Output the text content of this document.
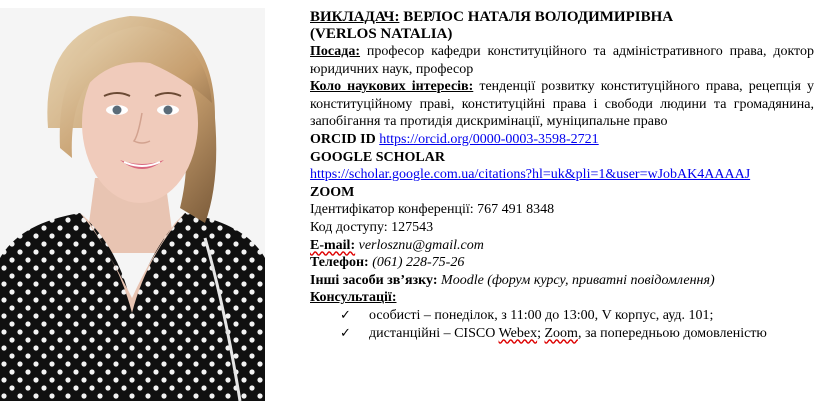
ВИКЛАДАЧ: ВЕРЛОС НАТАЛЯ ВОЛОДИМИРІВНА
(VERLOS NATALIA)
Посада: професор кафедри конституційного та адміністративного права, доктор юридичних наук, професор
Коло наукових інтересів: тенденції розвитку конституційного права, рецепція у конституційному праві, конституційні права і свободи людини та громадянина, запобігання та протидія дискримінації, муніципальне право
ORCID ID https://orcid.org/0000-0003-3598-2721
GOOGLE SCHOLAR
https://scholar.google.com.ua/citations?hl=uk&pli=1&user=wJobAK4AAAAJ
ZOOM
Ідентифікатор конференції: 767 491 8348
Код доступу: 127543
E-mail: verlosznu@gmail.com
Телефон: (061) 228-75-26
Інші засоби зв’язку: Moodle (форум курсу, приватні повідомлення)
Консультації:
✓ особисті – понеділок, з 11:00 до 13:00, V корпус, ауд. 101;
✓ дистанційні – CISCO Webex; Zoom, за попередньою домовленістю
